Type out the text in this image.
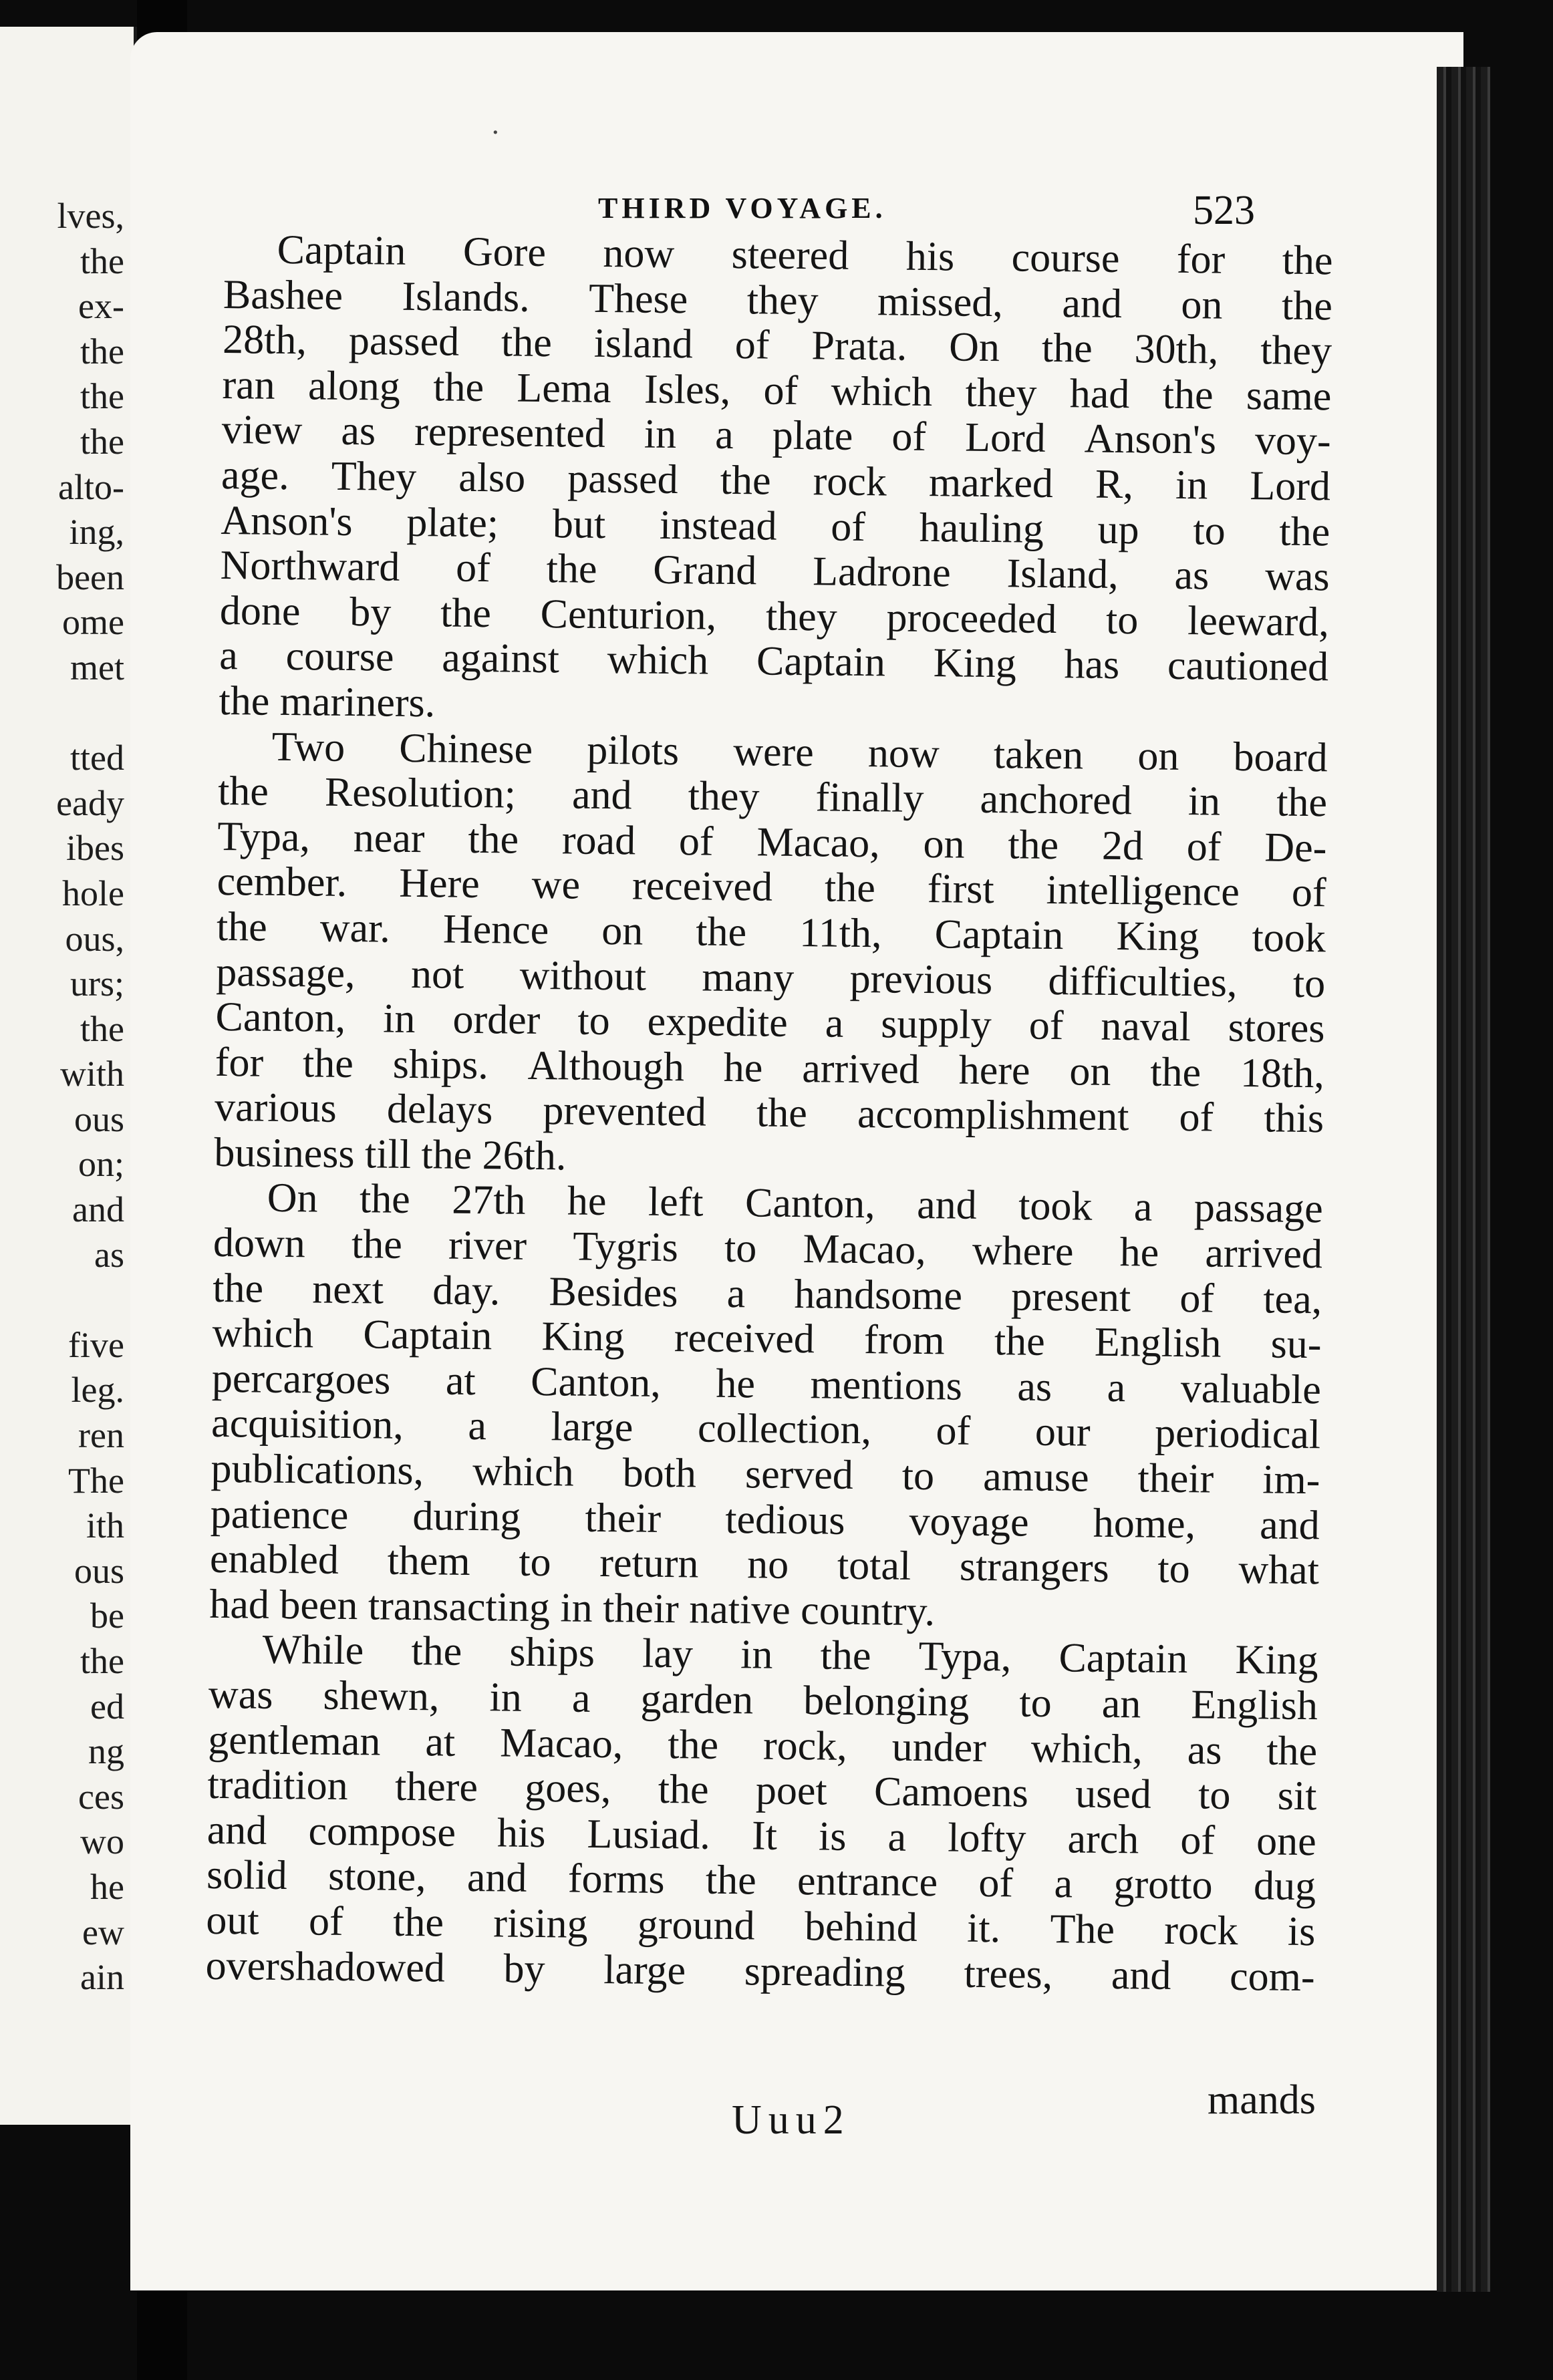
lves,
the
ex-
the
the
the
alto-
ing,
been
ome
met
tted
eady
ibes
hole
ous,
urs;
the
with
ous
on;
and
as
five
leg.
ren
The
ith
ous
be
the
ed
ng
ces
wo
he
ew
ain
·
THIRD VOYAGE.	523
Captain Gore now steered his course for the
Bashee Islands. These they missed, and on the
28th, passed the island of Prata. On the 30th, they
ran along the Lema Isles, of which they had the same
view as represented in a plate of Lord Anson's voy-
age. They also passed the rock marked R, in Lord
Anson's plate; but instead of hauling up to the
Northward of the Grand Ladrone Island, as was
done by the Centurion, they proceeded to leeward,
a course against which Captain King has cautioned
the mariners.
Two Chinese pilots were now taken on board
the Resolution; and they finally anchored in the
Typa, near the road of Macao, on the 2d of De-
cember. Here we received the first intelligence of
the war. Hence on the 11th, Captain King took
passage, not without many previous difficulties, to
Canton, in order to expedite a supply of naval stores
for the ships. Although he arrived here on the 18th,
various delays prevented the accomplishment of this
business till the 26th.
On the 27th he left Canton, and took a passage
down the river Tygris to Macao, where he arrived
the next day. Besides a handsome present of tea,
which Captain King received from the English su-
percargoes at Canton, he mentions as a valuable
acquisition, a large collection, of our periodical
publications, which both served to amuse their im-
patience during their tedious voyage home, and
enabled them to return no total strangers to what
had been transacting in their native country.
While the ships lay in the Typa, Captain King
was shewn, in a garden belonging to an English
gentleman at Macao, the rock, under which, as the
tradition there goes, the poet Camoens used to sit
and compose his Lusiad. It is a lofty arch of one
solid stone, and forms the entrance of a grotto dug
out of the rising ground behind it. The rock is
overshadowed by large spreading trees, and com-
Uuu2	mands
